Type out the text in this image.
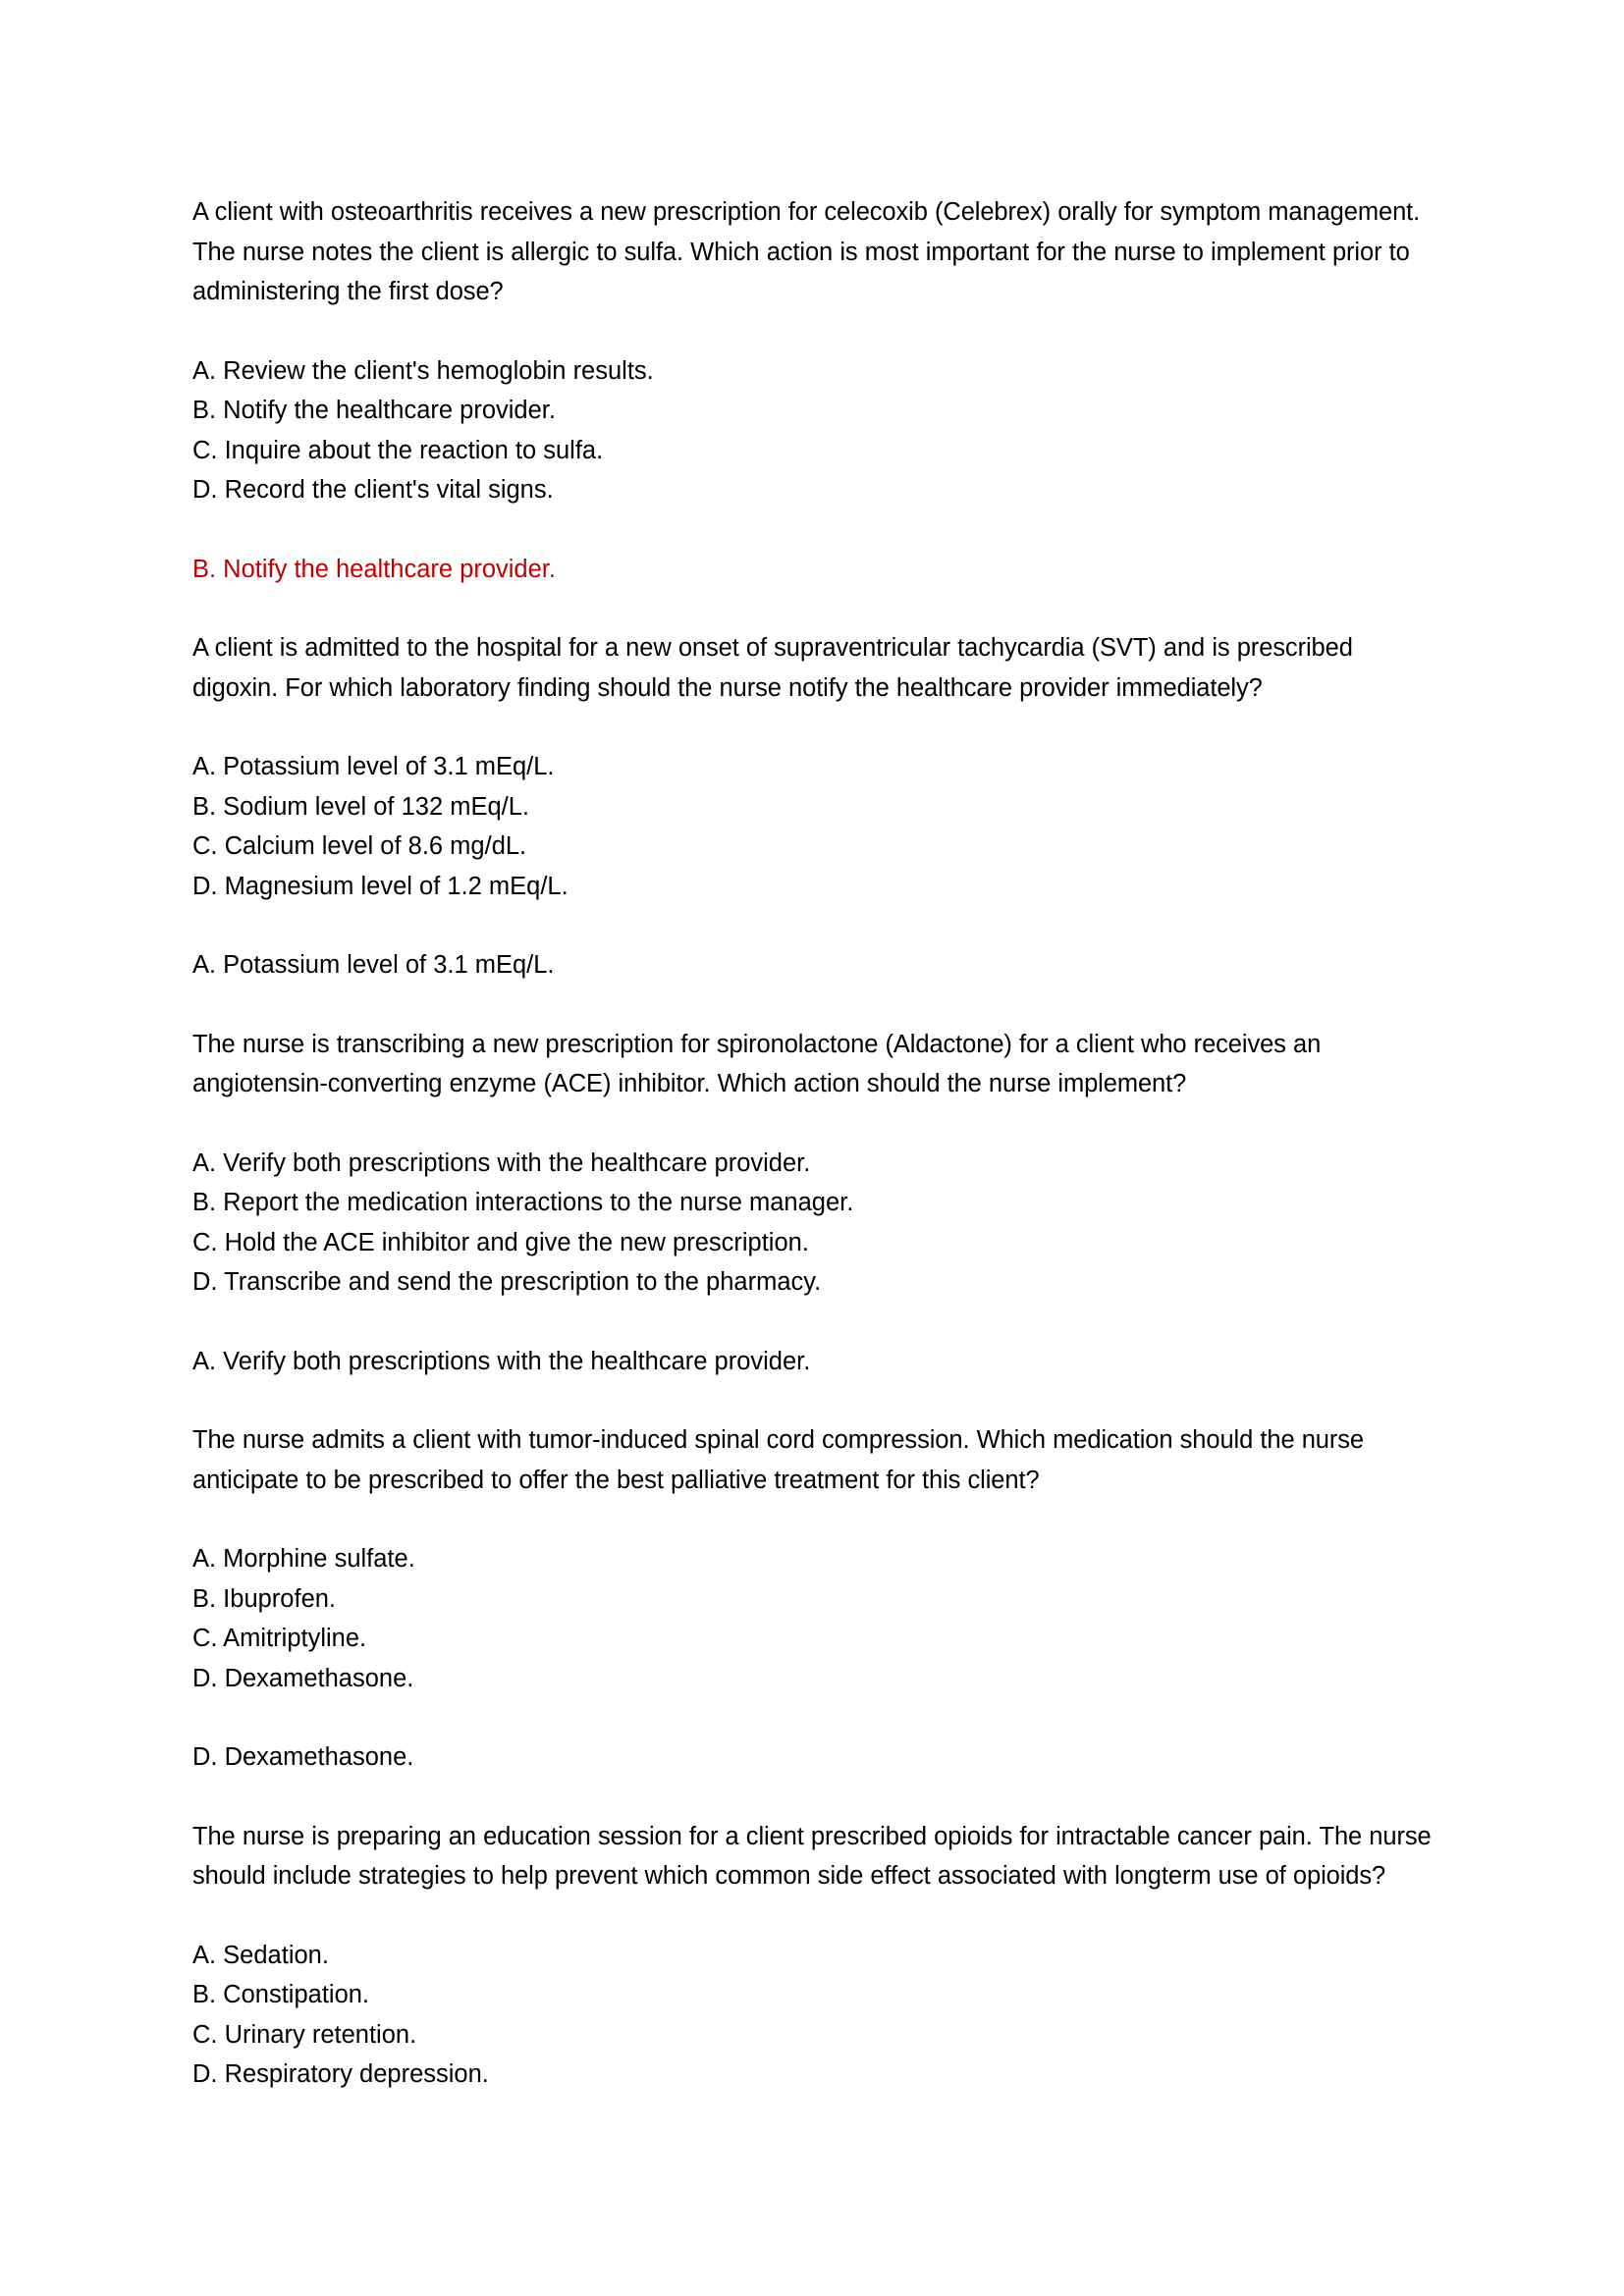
A client with osteoarthritis receives a new prescription for celecoxib (Celebrex) orally for symptom management. The nurse notes the client is allergic to sulfa. Which action is most important for the nurse to implement prior to administering the first dose?

A. Review the client's hemoglobin results.
B. Notify the healthcare provider.
C. Inquire about the reaction to sulfa.
D. Record the client's vital signs.

B. Notify the healthcare provider.

A client is admitted to the hospital for a new onset of supraventricular tachycardia (SVT) and is prescribed digoxin. For which laboratory finding should the nurse notify the healthcare provider immediately?

A. Potassium level of 3.1 mEq/L.
B. Sodium level of 132 mEq/L.
C. Calcium level of 8.6 mg/dL.
D. Magnesium level of 1.2 mEq/L.

A. Potassium level of 3.1 mEq/L.

The nurse is transcribing a new prescription for spironolactone (Aldactone) for a client who receives an angiotensin-converting enzyme (ACE) inhibitor. Which action should the nurse implement?

A. Verify both prescriptions with the healthcare provider.
B. Report the medication interactions to the nurse manager.
C. Hold the ACE inhibitor and give the new prescription.
D. Transcribe and send the prescription to the pharmacy.

A. Verify both prescriptions with the healthcare provider.

The nurse admits a client with tumor-induced spinal cord compression. Which medication should the nurse anticipate to be prescribed to offer the best palliative treatment for this client?

A. Morphine sulfate.
B. Ibuprofen.
C. Amitriptyline.
D. Dexamethasone.

D. Dexamethasone.

The nurse is preparing an education session for a client prescribed opioids for intractable cancer pain. The nurse should include strategies to help prevent which common side effect associated with longterm use of opioids?

A. Sedation.
B. Constipation.
C. Urinary retention.
D. Respiratory depression.
